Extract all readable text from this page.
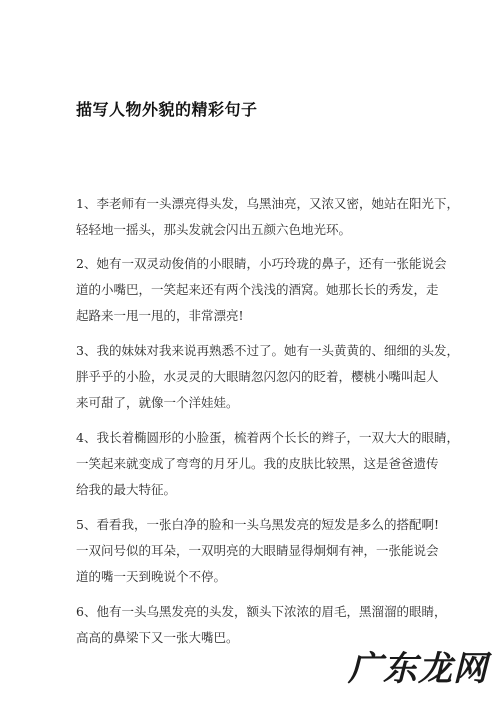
描写人物外貌的精彩句子
1、李老师有一头漂亮得头发，乌黑油亮，又浓又密，她站在阳光下，
轻轻地一摇头，那头发就会闪出五颜六色地光环。
2、她有一双灵动俊俏的小眼睛，小巧玲珑的鼻子，还有一张能说会
道的小嘴巴，一笑起来还有两个浅浅的酒窝。她那长长的秀发，走
起路来一甩一甩的，非常漂亮!
3、我的妹妹对我来说再熟悉不过了。她有一头黄黄的、细细的头发，
胖乎乎的小脸，水灵灵的大眼睛忽闪忽闪的眨着，樱桃小嘴叫起人
来可甜了，就像一个洋娃娃。
4、我长着椭圆形的小脸蛋，梳着两个长长的辫子，一双大大的眼睛，
一笑起来就变成了弯弯的月牙儿。我的皮肤比较黑，这是爸爸遗传
给我的最大特征。
5、看看我，一张白净的脸和一头乌黑发亮的短发是多么的搭配啊!
一双问号似的耳朵，一双明亮的大眼睛显得炯炯有神，一张能说会
道的嘴一天到晚说个不停。
6、他有一头乌黑发亮的头发，额头下浓浓的眉毛，黑溜溜的眼睛，
高高的鼻梁下又一张大嘴巴。
广东龙网
